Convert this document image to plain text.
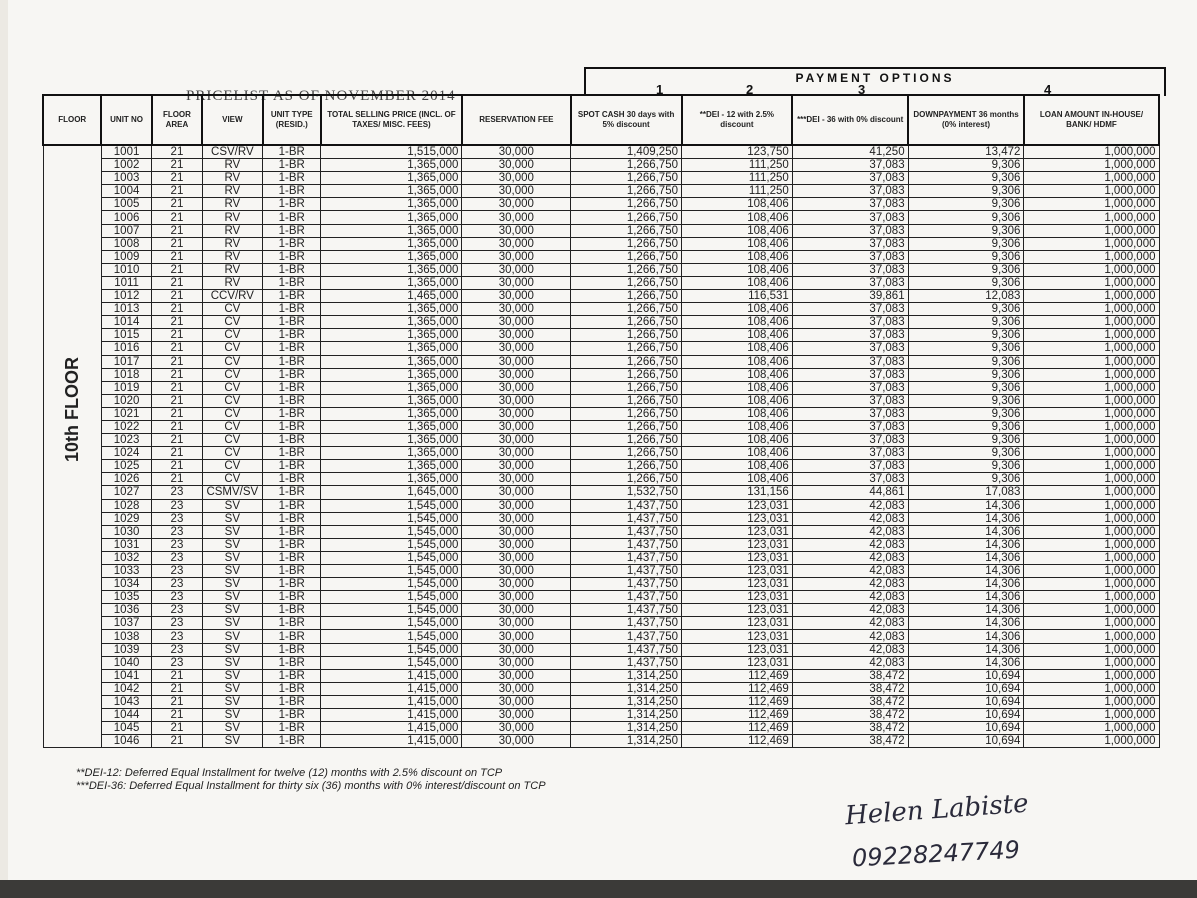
PRICELIST AS OF NOVEMBER 2014
PAYMENT OPTIONS
1	2	3	4
FLOOR	UNIT NO	FLOOR AREA	VIEW	UNIT TYPE (RESID.)	TOTAL SELLING PRICE (INCL. OF TAXES/ MISC. FEES)	RESERVATION FEE	SPOT CASH 30 days with 5% discount	**DEI - 12 with 2.5% discount	***DEI - 36 with 0% discount	DOWNPAYMENT 36 months (0% interest)	LOAN AMOUNT IN-HOUSE/ BANK/ HDMF

10th FLOOR	1001	21	CSV/RV	1-BR	1,515,000	30,000	1,409,250	123,750	41,250	13,472	1,000,000
	1002	21	RV	1-BR	1,365,000	30,000	1,266,750	111,250	37,083	9,306	1,000,000
	1003	21	RV	1-BR	1,365,000	30,000	1,266,750	111,250	37,083	9,306	1,000,000
	1004	21	RV	1-BR	1,365,000	30,000	1,266,750	111,250	37,083	9,306	1,000,000
	1005	21	RV	1-BR	1,365,000	30,000	1,266,750	108,406	37,083	9,306	1,000,000
	1006	21	RV	1-BR	1,365,000	30,000	1,266,750	108,406	37,083	9,306	1,000,000
	1007	21	RV	1-BR	1,365,000	30,000	1,266,750	108,406	37,083	9,306	1,000,000
	1008	21	RV	1-BR	1,365,000	30,000	1,266,750	108,406	37,083	9,306	1,000,000
	1009	21	RV	1-BR	1,365,000	30,000	1,266,750	108,406	37,083	9,306	1,000,000
	1010	21	RV	1-BR	1,365,000	30,000	1,266,750	108,406	37,083	9,306	1,000,000
	1011	21	RV	1-BR	1,365,000	30,000	1,266,750	108,406	37,083	9,306	1,000,000
	1012	21	CCV/RV	1-BR	1,465,000	30,000	1,266,750	116,531	39,861	12,083	1,000,000
	1013	21	CV	1-BR	1,365,000	30,000	1,266,750	108,406	37,083	9,306	1,000,000
	1014	21	CV	1-BR	1,365,000	30,000	1,266,750	108,406	37,083	9,306	1,000,000
	1015	21	CV	1-BR	1,365,000	30,000	1,266,750	108,406	37,083	9,306	1,000,000
	1016	21	CV	1-BR	1,365,000	30,000	1,266,750	108,406	37,083	9,306	1,000,000
	1017	21	CV	1-BR	1,365,000	30,000	1,266,750	108,406	37,083	9,306	1,000,000
	1018	21	CV	1-BR	1,365,000	30,000	1,266,750	108,406	37,083	9,306	1,000,000
	1019	21	CV	1-BR	1,365,000	30,000	1,266,750	108,406	37,083	9,306	1,000,000
	1020	21	CV	1-BR	1,365,000	30,000	1,266,750	108,406	37,083	9,306	1,000,000
	1021	21	CV	1-BR	1,365,000	30,000	1,266,750	108,406	37,083	9,306	1,000,000
	1022	21	CV	1-BR	1,365,000	30,000	1,266,750	108,406	37,083	9,306	1,000,000
	1023	21	CV	1-BR	1,365,000	30,000	1,266,750	108,406	37,083	9,306	1,000,000
	1024	21	CV	1-BR	1,365,000	30,000	1,266,750	108,406	37,083	9,306	1,000,000
	1025	21	CV	1-BR	1,365,000	30,000	1,266,750	108,406	37,083	9,306	1,000,000
	1026	21	CV	1-BR	1,365,000	30,000	1,266,750	108,406	37,083	9,306	1,000,000
	1027	23	CSMV/SV	1-BR	1,645,000	30,000	1,532,750	131,156	44,861	17,083	1,000,000
	1028	23	SV	1-BR	1,545,000	30,000	1,437,750	123,031	42,083	14,306	1,000,000
	1029	23	SV	1-BR	1,545,000	30,000	1,437,750	123,031	42,083	14,306	1,000,000
	1030	23	SV	1-BR	1,545,000	30,000	1,437,750	123,031	42,083	14,306	1,000,000
	1031	23	SV	1-BR	1,545,000	30,000	1,437,750	123,031	42,083	14,306	1,000,000
	1032	23	SV	1-BR	1,545,000	30,000	1,437,750	123,031	42,083	14,306	1,000,000
	1033	23	SV	1-BR	1,545,000	30,000	1,437,750	123,031	42,083	14,306	1,000,000
	1034	23	SV	1-BR	1,545,000	30,000	1,437,750	123,031	42,083	14,306	1,000,000
	1035	23	SV	1-BR	1,545,000	30,000	1,437,750	123,031	42,083	14,306	1,000,000
	1036	23	SV	1-BR	1,545,000	30,000	1,437,750	123,031	42,083	14,306	1,000,000
	1037	23	SV	1-BR	1,545,000	30,000	1,437,750	123,031	42,083	14,306	1,000,000
	1038	23	SV	1-BR	1,545,000	30,000	1,437,750	123,031	42,083	14,306	1,000,000
	1039	23	SV	1-BR	1,545,000	30,000	1,437,750	123,031	42,083	14,306	1,000,000
	1040	23	SV	1-BR	1,545,000	30,000	1,437,750	123,031	42,083	14,306	1,000,000
	1041	21	SV	1-BR	1,415,000	30,000	1,314,250	112,469	38,472	10,694	1,000,000
	1042	21	SV	1-BR	1,415,000	30,000	1,314,250	112,469	38,472	10,694	1,000,000
	1043	21	SV	1-BR	1,415,000	30,000	1,314,250	112,469	38,472	10,694	1,000,000
	1044	21	SV	1-BR	1,415,000	30,000	1,314,250	112,469	38,472	10,694	1,000,000
	1045	21	SV	1-BR	1,415,000	30,000	1,314,250	112,469	38,472	10,694	1,000,000
	1046	21	SV	1-BR	1,415,000	30,000	1,314,250	112,469	38,472	10,694	1,000,000
**DEI-12: Deferred Equal Installment for twelve (12) months with 2.5% discount on TCP
***DEI-36: Deferred Equal Installment for thirty six (36) months with 0% interest/discount on TCP
Helen Labiste
09228247749
